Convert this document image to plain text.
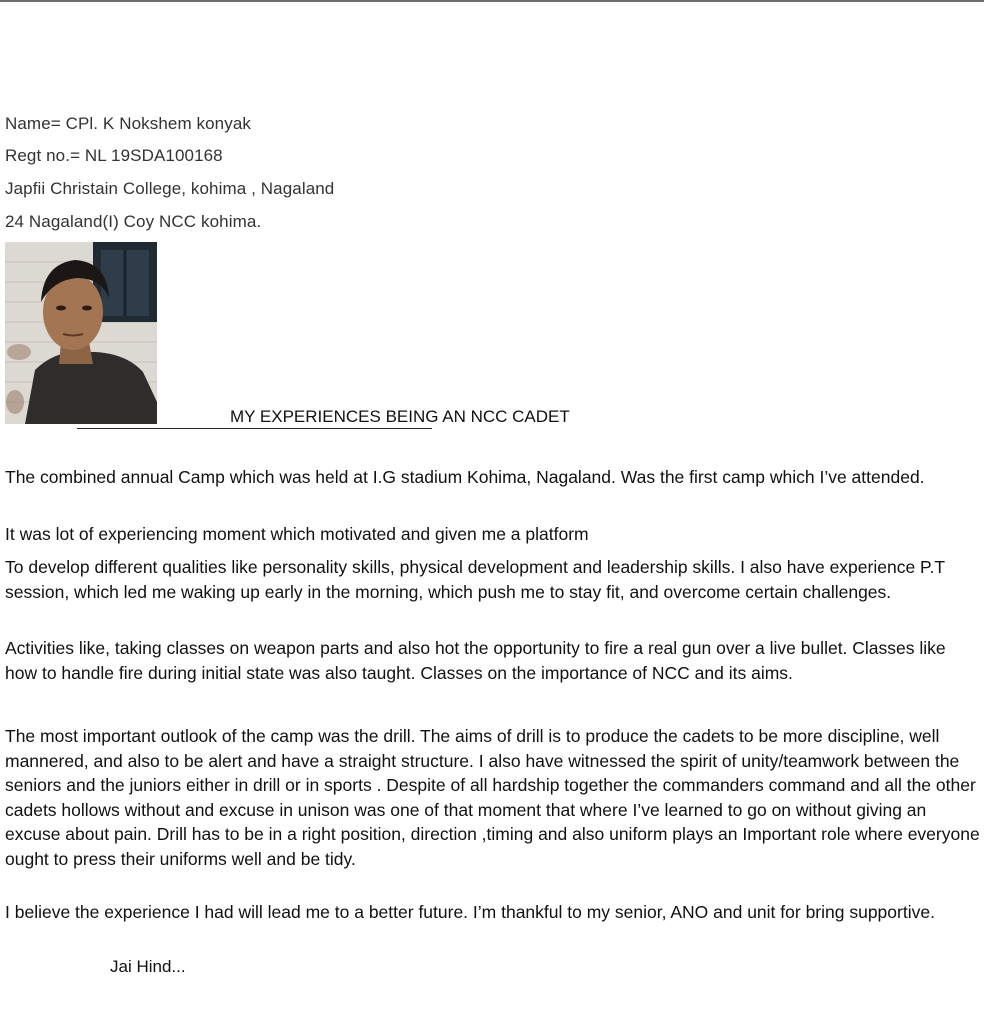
Name= CPl. K Nokshem konyak
Regt no.= NL 19SDA100168
Japfii Christain College, kohima , Nagaland
24 Nagaland(I) Coy NCC kohima.
MY EXPERIENCES BEING AN NCC CADET

The combined annual Camp which was held at I.G stadium Kohima, Nagaland. Was the first camp which I’ve attended.

It was lot of experiencing moment which motivated and given me a platform

To develop different qualities like personality skills, physical development and leadership skills. I also have experience P.T session, which led me waking up early in the morning, which push me to stay fit, and overcome certain challenges.

Activities like, taking classes on weapon parts and also hot the opportunity to fire a real gun over a live bullet. Classes like how to handle fire during initial state was also taught. Classes on the importance of NCC and its aims.

The most important outlook of the camp was the drill. The aims of drill is to produce the cadets to be more discipline, well mannered, and also to be alert and have a straight structure. I also have witnessed the spirit of unity/teamwork between the seniors and the juniors either in drill or in sports . Despite of all hardship together the commanders command and all the other cadets hollows without and excuse in unison was one of that moment that where I’ve learned to go on without giving an excuse about pain. Drill has to be in a right position, direction ,timing and also uniform plays an Important role where everyone ought to press their uniforms well and be tidy.

I believe the experience I had will lead me to a better future. I’m thankful to my senior, ANO and unit for bring supportive.

Jai Hind...
